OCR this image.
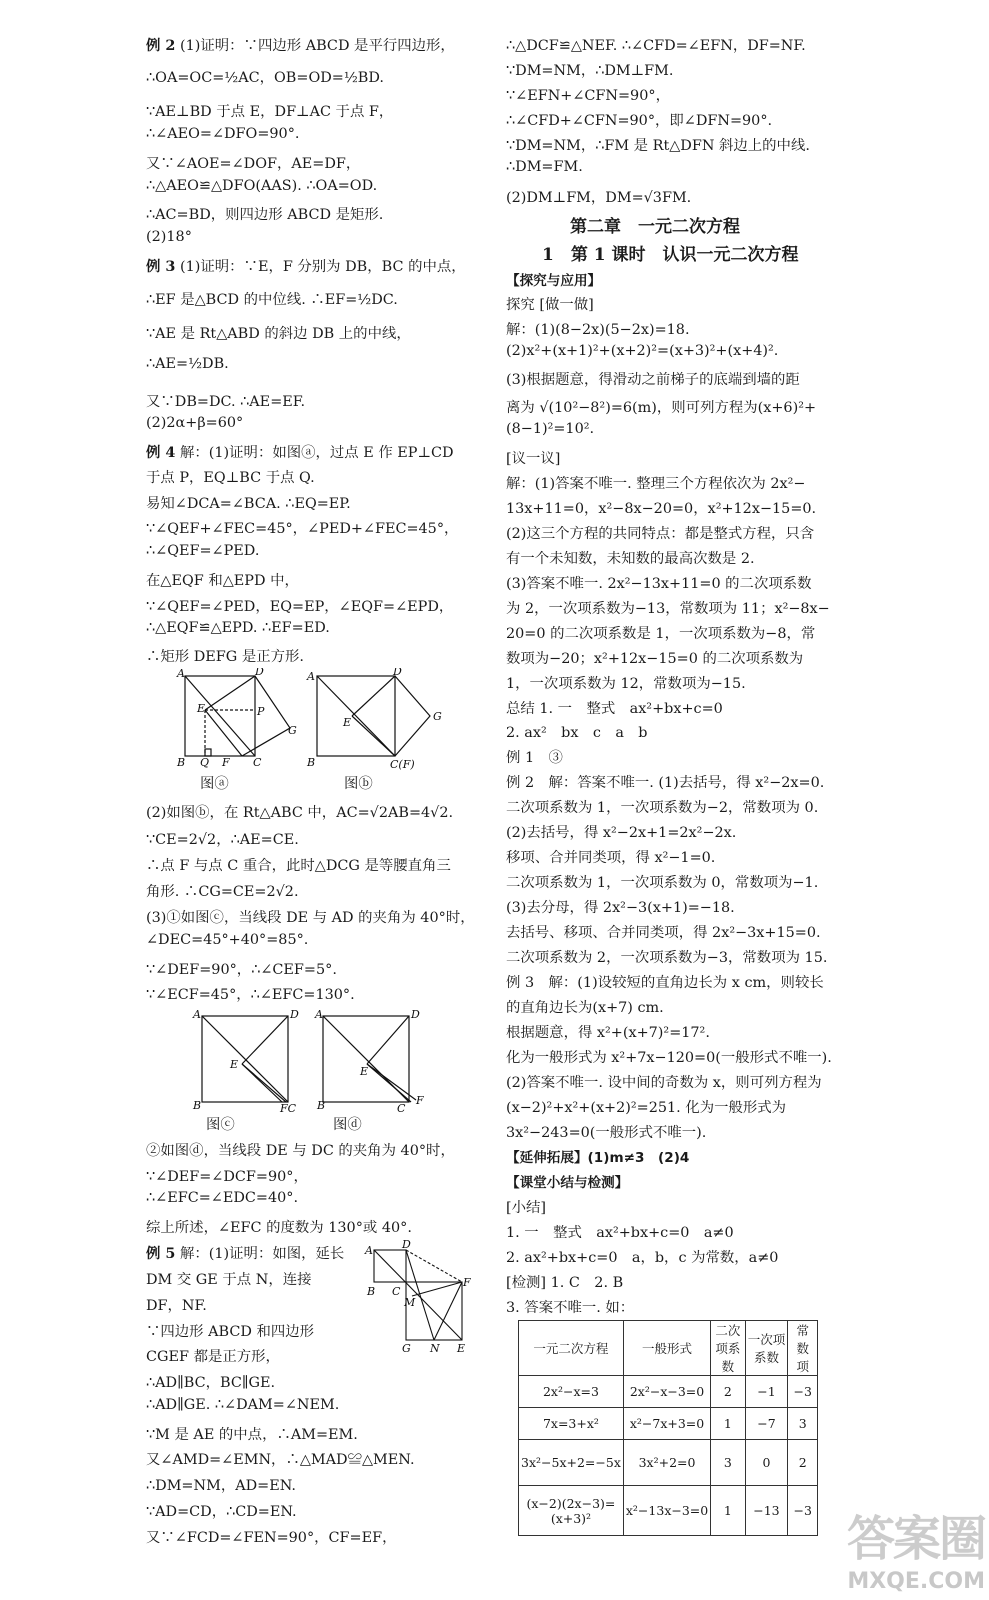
例 2 (1)证明：∵四边形 ABCD 是平行四边形，
∴OA=OC=½AC，OB=OD=½BD.
∵AE⊥BD 于点 E，DF⊥AC 于点 F，
∴∠AEO=∠DFO=90°.
又∵∠AOE=∠DOF，AE=DF，
∴△AEO≌△DFO(AAS). ∴OA=OD.
∴AC=BD，则四边形 ABCD 是矩形.
(2)18°
例 3 (1)证明：∵E，F 分别为 DB，BC 的中点，
∴EF 是△BCD 的中位线. ∴EF=½DC.
∵AE 是 Rt△ABD 的斜边 DB 上的中线，
∴AE=½DB.
又∵DB=DC. ∴AE=EF.
(2)2α+β=60°
例 4 解：(1)证明：如图ⓐ，过点 E 作 EP⊥CD
于点 P，EQ⊥BC 于点 Q.
易知∠DCA=∠BCA. ∴EQ=EP.
∵∠QEF+∠FEC=45°，∠PED+∠FEC=45°，
∴∠QEF=∠PED.
在△EQF 和△EPD 中，
∵∠QEF=∠PED，EQ=EP，∠EQF=∠EPD，
∴△EQF≌△EPD. ∴EF=ED.
∴矩形 DEFG 是正方形.
图ⓐ	图ⓑ
(2)如图ⓑ，在 Rt△ABC 中，AC=√2AB=4√2.
∵CE=2√2，∴AE=CE.
∴点 F 与点 C 重合，此时△DCG 是等腰直角三
角形. ∴CG=CE=2√2.
(3)①如图ⓒ，当线段 DE 与 AD 的夹角为 40°时，
∠DEC=45°+40°=85°.
∵∠DEF=90°，∴∠CEF=5°.
∵∠ECF=45°，∴∠EFC=130°.
图ⓒ	图ⓓ
②如图ⓓ，当线段 DE 与 DC 的夹角为 40°时，
∵∠DEF=∠DCF=90°，
∴∠EFC=∠EDC=40°.
综上所述，∠EFC 的度数为 130°或 40°.
例 5 解：(1)证明：如图，延长
DM 交 GE 于点 N，连接
DF，NF.
∵四边形 ABCD 和四边形
CGEF 都是正方形，
∴AD∥BC，BC∥GE.
∴AD∥GE. ∴∠DAM=∠NEM.
∵M 是 AE 的中点，∴AM=EM.
又∠AMD=∠EMN，∴△MAD≌△MEN.
∴DM=NM，AD=EN.
∵AD=CD，∴CD=EN.
又∵∠FCD=∠FEN=90°，CF=EF，
A	D
E	P
G
B Q F C
A	D
E	G
B	C(F)
A	D
E
B	FC
A	D
E
B	C
F
A	D
F
B C
M
G N E
∴△DCF≌△NEF. ∴∠CFD=∠EFN，DF=NF.
∵DM=NM，∴DM⊥FM.
∵∠EFN+∠CFN=90°，
∴∠CFD+∠CFN=90°，即∠DFN=90°.
∵DM=NM，∴FM 是 Rt△DFN 斜边上的中线.
∴DM=FM.
(2)DM⊥FM，DM=√3FM.
第二章　一元二次方程
1　第 1 课时　认识一元二次方程
【探究与应用】
探究 [做一做]
解：(1)(8−2x)(5−2x)=18.
(2)x²+(x+1)²+(x+2)²=(x+3)²+(x+4)².
(3)根据题意，得滑动之前梯子的底端到墙的距
离为 √(10²−8²)=6(m)，则可列方程为(x+6)²+
(8−1)²=10².
[议一议]
解：(1)答案不唯一. 整理三个方程依次为 2x²−
13x+11=0，x²−8x−20=0，x²+12x−15=0.
(2)这三个方程的共同特点：都是整式方程，只含
有一个未知数，未知数的最高次数是 2.
(3)答案不唯一. 2x²−13x+11=0 的二次项系数
为 2，一次项系数为−13，常数项为 11；x²−8x−
20=0 的二次项系数是 1，一次项系数为−8，常
数项为−20；x²+12x−15=0 的二次项系数为
1，一次项系数为 12，常数项为−15.
总结 1. 一　整式　ax²+bx+c=0
2. ax²　bx　c　a　b
例 1　③
例 2　解：答案不唯一. (1)去括号，得 x²−2x=0.
二次项系数为 1，一次项系数为−2，常数项为 0.
(2)去括号，得 x²−2x+1=2x²−2x.
移项、合并同类项，得 x²−1=0.
二次项系数为 1，一次项系数为 0，常数项为−1.
(3)去分母，得 2x²−3(x+1)=−18.
去括号、移项、合并同类项，得 2x²−3x+15=0.
二次项系数为 2，一次项系数为−3，常数项为 15.
例 3　解：(1)设较短的直角边长为 x cm，则较长
的直角边长为(x+7) cm.
根据题意，得 x²+(x+7)²=17².
化为一般形式为 x²+7x−120=0(一般形式不唯一).
(2)答案不唯一. 设中间的奇数为 x，则可列方程为
(x−2)²+x²+(x+2)²=251. 化为一般形式为
3x²−243=0(一般形式不唯一).
【延伸拓展】(1)m≠3　(2)4
【课堂小结与检测】
[小结]
1. 一　整式　ax²+bx+c=0　a≠0
2. ax²+bx+c=0　a，b，c 为常数，a≠0
[检测] 1. C　2. B
3. 答案不唯一. 如：
一元二次方程	一般形式	二次项系数	一次项系数	常数项
2x²−x=3	2x²−x−3=0	2	−1	−3
7x=3+x²	x²−7x+3=0	1	−7	3
3x²−5x+2=−5x	3x²+2=0	3	0	2
(x−2)(2x−3)=(x+3)²	x²−13x−3=0	1	−13	−3
答案圈
MXQE.COM
